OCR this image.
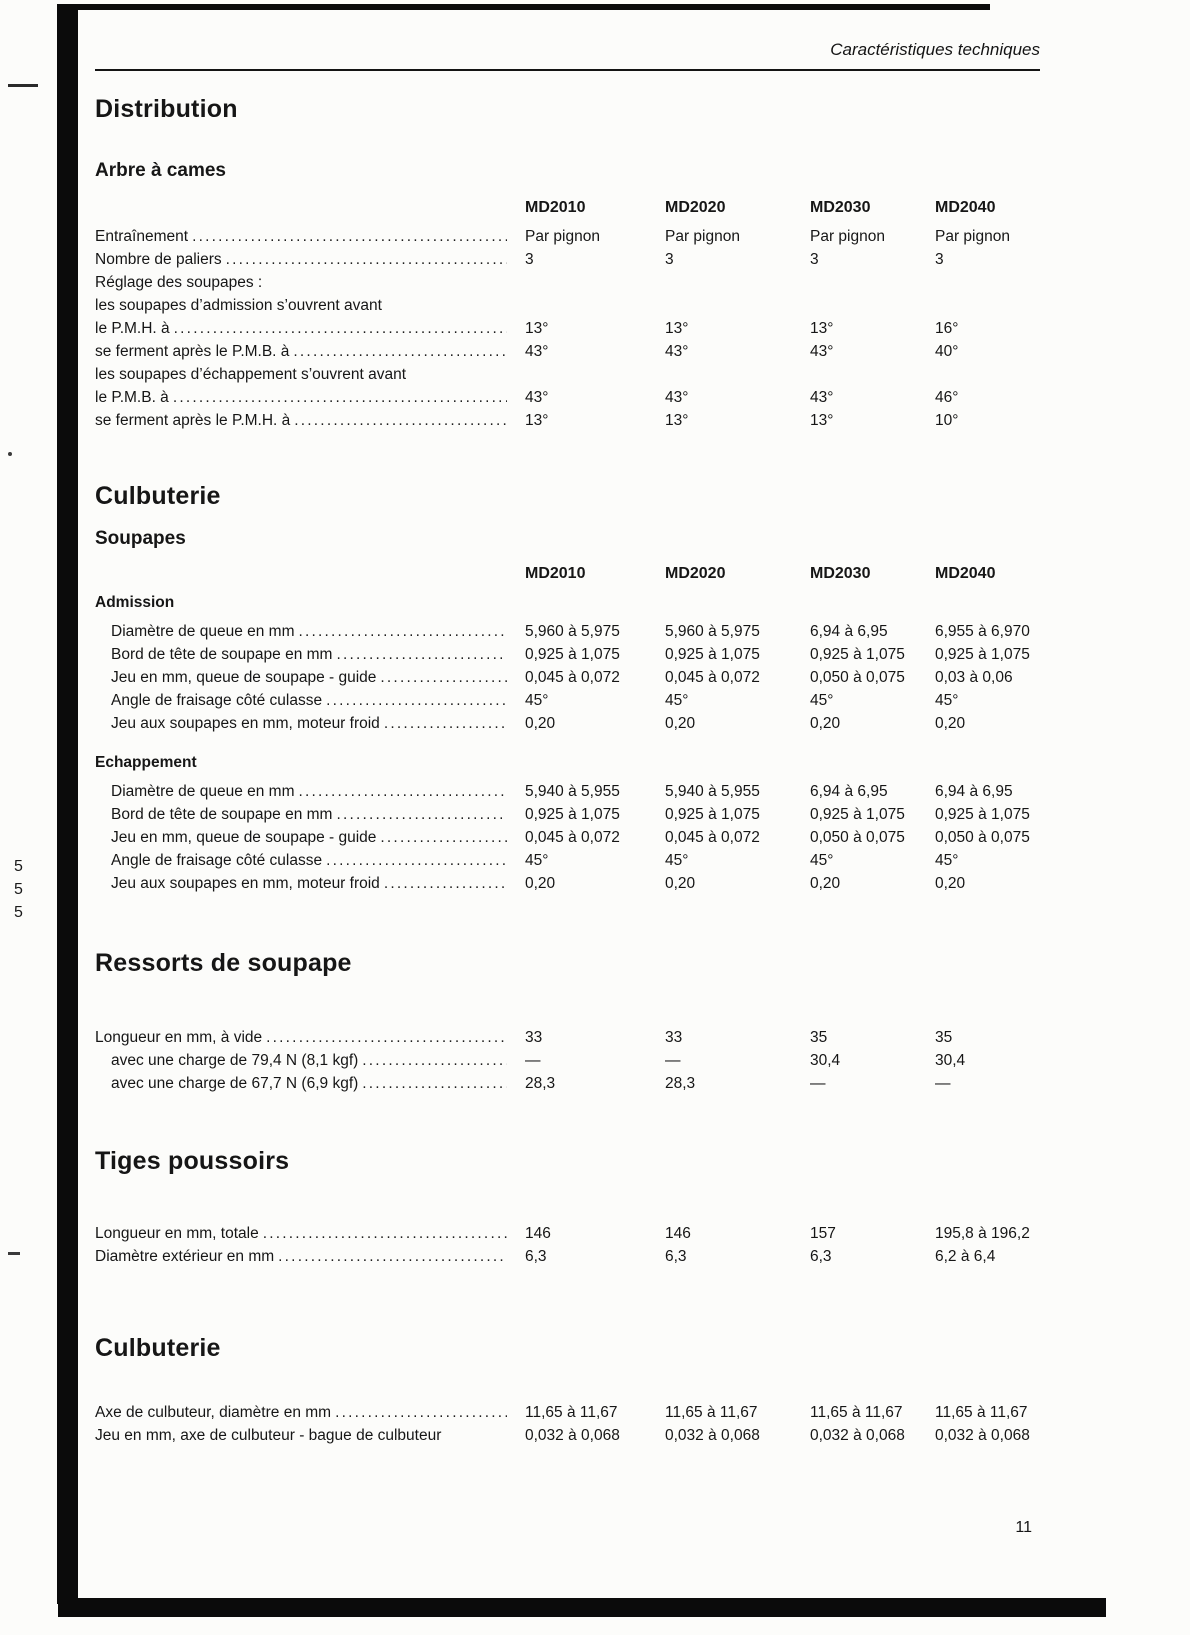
5
5
5
Caractéristiques techniques
Distribution
Arbre à cames
MD2010	MD2020	MD2030	MD2040
Entraînement .....	Par pignon	Par pignon	Par pignon	Par pignon
Nombre de paliers .....	3	3	3	3
Réglage des soupapes :
les soupapes d’admission s’ouvrent avant
le P.M.H. à .....	13°	13°	13°	16°
se ferment après le P.M.B. à .....	43°	43°	43°	40°
les soupapes d’échappement s’ouvrent avant
le P.M.B. à .....	43°	43°	43°	46°
se ferment après le P.M.H. à .....	13°	13°	13°	10°
Culbuterie
Soupapes
MD2010	MD2020	MD2030	MD2040
Admission
Diamètre de queue en mm .....	5,960 à 5,975	5,960 à 5,975	6,94 à 6,95	6,955 à 6,970
Bord de tête de soupape en mm .....	0,925 à 1,075	0,925 à 1,075	0,925 à 1,075	0,925 à 1,075
Jeu en mm, queue de soupape - guide .....	0,045 à 0,072	0,045 à 0,072	0,050 à 0,075	0,03 à 0,06
Angle de fraisage côté culasse .....	45°	45°	45°	45°
Jeu aux soupapes en mm, moteur froid .....	0,20	0,20	0,20	0,20
Echappement
Diamètre de queue en mm .....	5,940 à 5,955	5,940 à 5,955	6,94 à 6,95	6,94 à 6,95
Bord de tête de soupape en mm .....	0,925 à 1,075	0,925 à 1,075	0,925 à 1,075	0,925 à 1,075
Jeu en mm, queue de soupape - guide .....	0,045 à 0,072	0,045 à 0,072	0,050 à 0,075	0,050 à 0,075
Angle de fraisage côté culasse .....	45°	45°	45°	45°
Jeu aux soupapes en mm, moteur froid .....	0,20	0,20	0,20	0,20
Ressorts de soupape
Longueur en mm, à vide .....	33	33	35	35
avec une charge de 79,4 N (8,1 kgf) .....	—	—	30,4	30,4
avec une charge de 67,7 N (6,9 kgf) .....	28,3	28,3	—	—
Tiges poussoirs
Longueur en mm, totale .....	146	146	157	195,8 à 196,2
Diamètre extérieur en mm .....	6,3	6,3	6,3	6,2 à 6,4
Culbuterie
Axe de culbuteur, diamètre en mm .....	11,65 à 11,67	11,65 à 11,67	11,65 à 11,67	11,65 à 11,67
Jeu en mm, axe de culbuteur - bague de culbuteur	0,032 à 0,068	0,032 à 0,068	0,032 à 0,068	0,032 à 0,068
11
